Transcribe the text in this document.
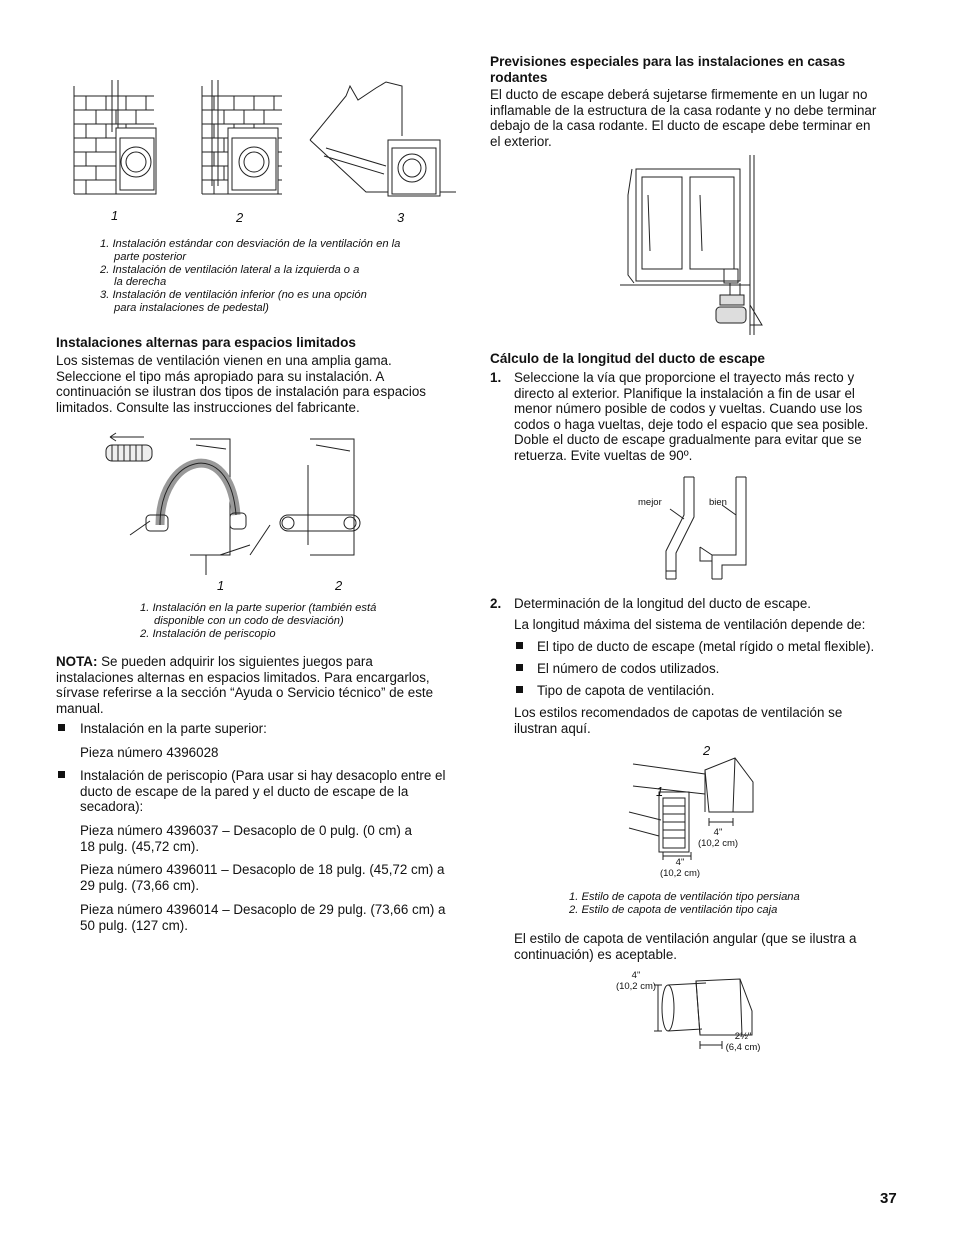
1	2	3
1. Instalación estándar con desviación de la ventilación en la
parte posterior
2. Instalación de ventilación lateral a la izquierda o a
la derecha
3. Instalación de ventilación inferior (no es una opción
para instalaciones de pedestal)
Instalaciones alternas para espacios limitados
Los sistemas de ventilación vienen en una amplia gama.
Seleccione el tipo más apropiado para su instalación. A
continuación se ilustran dos tipos de instalación para espacios
limitados. Consulte las instrucciones del fabricante.
1	2
1. Instalación en la parte superior (también está
disponible con un codo de desviación)
2. Instalación de periscopio
NOTA: Se pueden adquirir los siguientes juegos para
instalaciones alternas en espacios limitados. Para encargarlos,
sírvase referirse a la sección “Ayuda o Servicio técnico” de este
manual.
Instalación en la parte superior:
Pieza número 4396028
Instalación de periscopio (Para usar si hay desacoplo entre el
ducto de escape de la pared y el ducto de escape de la
secadora):
Pieza número 4396037 – Desacoplo de 0 pulg. (0 cm) a
18 pulg. (45,72 cm).
Pieza número 4396011 – Desacoplo de 18 pulg. (45,72 cm) a
29 pulg. (73,66 cm).
Pieza número 4396014 – Desacoplo de 29 pulg. (73,66 cm) a
50 pulg. (127 cm).
Previsiones especiales para las instalaciones en casas
rodantes
El ducto de escape deberá sujetarse firmemente en un lugar no
inflamable de la estructura de la casa rodante y no debe terminar
debajo de la casa rodante. El ducto de escape debe terminar en
el exterior.
Cálculo de la longitud del ducto de escape
1. Seleccione la vía que proporcione el trayecto más recto y
directo al exterior. Planifique la instalación a fin de usar el
menor número posible de codos y vueltas. Cuando use los
codos o haga vueltas, deje todo el espacio que sea posible.
Doble el ducto de escape gradualmente para evitar que se
retuerza. Evite vueltas de 90º.
mejor	bien
2. Determinación de la longitud del ducto de escape.
La longitud máxima del sistema de ventilación depende de:
El tipo de ducto de escape (metal rígido o metal flexible).
El número de codos utilizados.
Tipo de capota de ventilación.
Los estilos recomendados de capotas de ventilación se
ilustran aquí.
2
1
4"
(10,2 cm)
4"
(10,2 cm)
1. Estilo de capota de ventilación tipo persiana
2. Estilo de capota de ventilación tipo caja
El estilo de capota de ventilación angular (que se ilustra a
continuación) es aceptable.
4"
(10,2 cm)
2½"
(6,4 cm)
37
